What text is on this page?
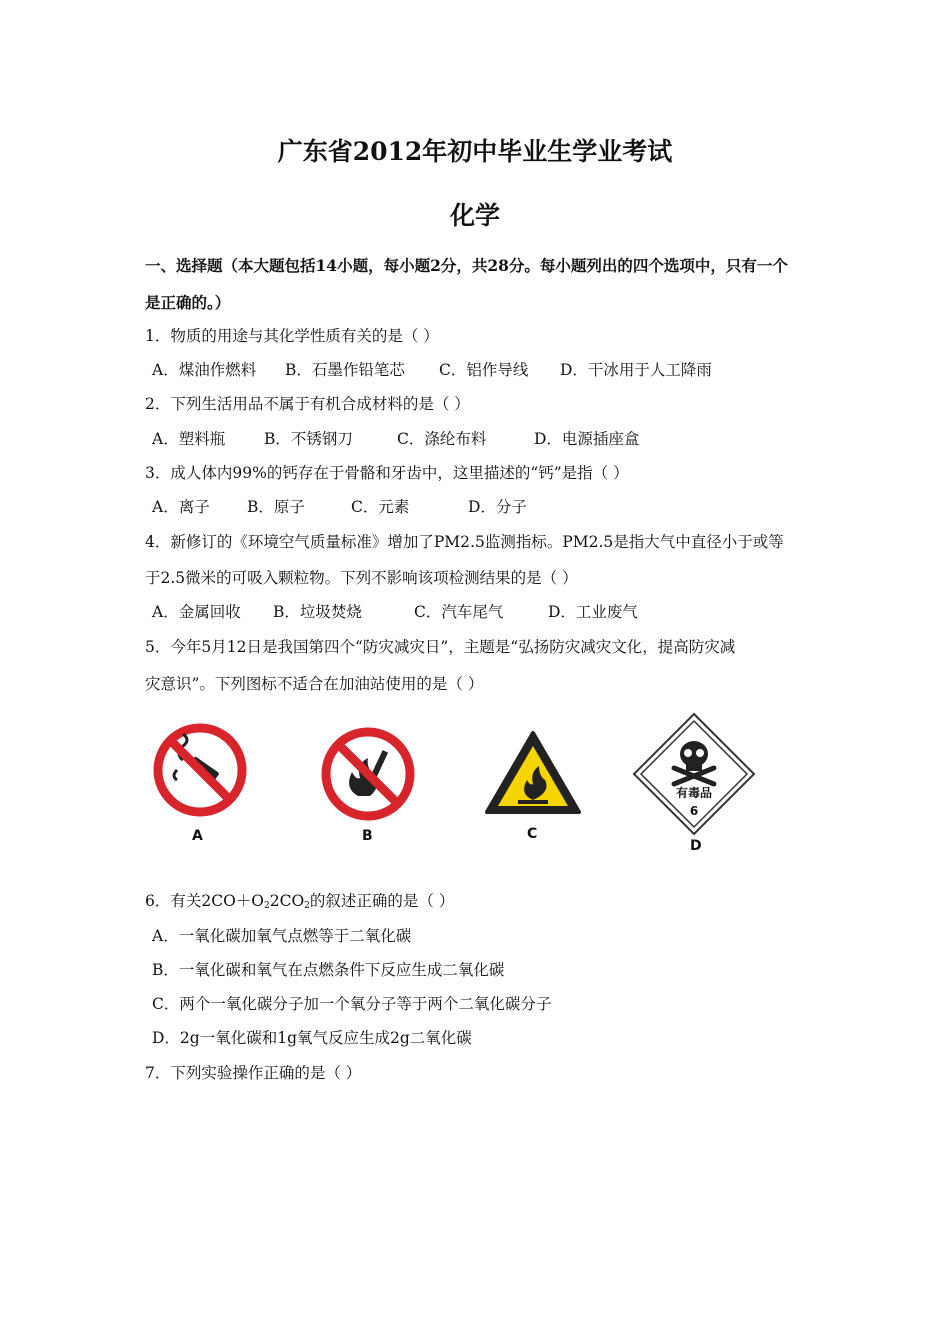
广东省2012年初中毕业生学业考试
化学
一、选择题（本大题包括14小题，每小题2分，共28分。每小题列出的四个选项中，只有一个
是正确的。）
1．物质的用途与其化学性质有关的是（ ）
A．煤油作燃料 B．石墨作铅笔芯 C．铝作导线 D．干冰用于人工降雨
2．下列生活用品不属于有机合成材料的是（ ）
A．塑料瓶	B．不锈钢刀	C．涤纶布料	D．电源插座盒
3．成人体内99%的钙存在于骨骼和牙齿中，这里描述的“钙”是指（ ）
A．离子 B．原子	C．元素	D．分子
4．新修订的《环境空气质量标准》增加了PM2.5监测指标。PM2.5是指大气中直径小于或等
于2.5微米的可吸入颗粒物。下列不影响该项检测结果的是（ ）
A．金属回收 B．垃圾焚烧	C．汽车尾气	D．工业废气
5．今年5月12日是我国第四个“防灾减灾日”，主题是“弘扬防灾减灾文化，提高防灾减
灾意识”。下列图标不适合在加油站使用的是（ ）
A	B	C
有毒品
6
D
6．有关$2CO+O_22CO_2$的叙述正确的是（ ）
A．一氧化碳加氧气点燃等于二氧化碳
B．一氧化碳和氧气在点燃条件下反应生成二氧化碳
C．两个一氧化碳分子加一个氧分子等于两个二氧化碳分子
D．2g一氧化碳和1g氧气反应生成2g二氧化碳
7．下列实验操作正确的是（ ）
